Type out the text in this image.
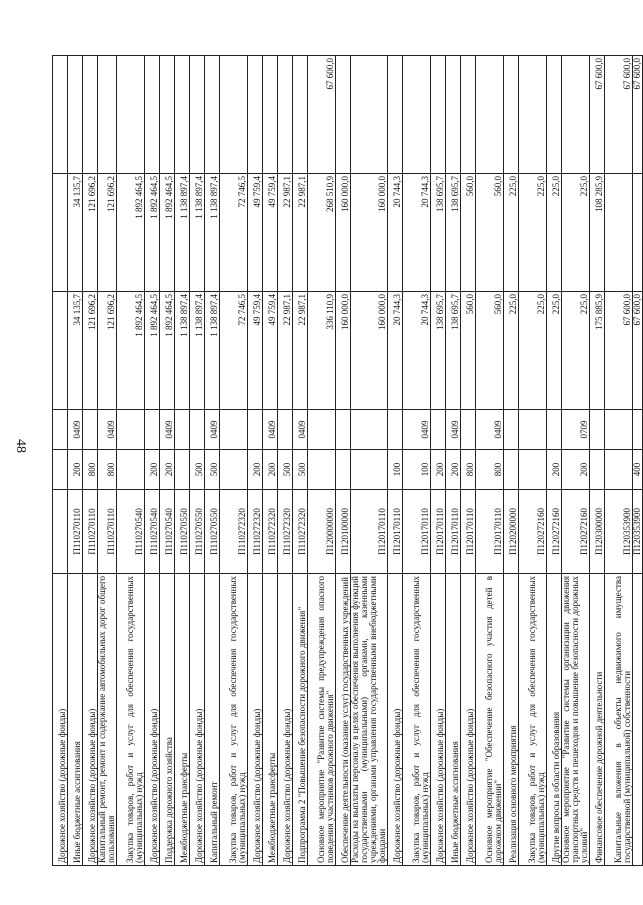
48
Дорожное хозяйство (дорожные фонды)						
Иные бюджетные ассигнования	П110270110	200	0409	34 135,7	34 135,7	
Дорожное хозяйство (дорожные фонды)	П110270110	800		121 696,2	121 696,2	
Капитальный ремонт, ремонт и содержание автомобильных дорог общего пользования	П110270110	800	0409	121 696,2	121 696,2	
Закупка товаров, работ и услуг для обеспечения государственных (муниципальных) нужд	П110270540			1 892 464,5	1 892 464,5	
Дорожное хозяйство (дорожные фонды)	П110270540	200		1 892 464,5	1 892 464,5	
Поддержка дорожного хозяйства	П110270540	200	0409	1 892 464,5	1 892 464,5	
Межбюджетные трансферты	П110270550			1 138 897,4	1 138 897,4	
Дорожное хозяйство (дорожные фонды)	П110270550	500		1 138 897,4	1 138 897,4	
Капитальный ремонт	П110270550	500	0409	1 138 897,4	1 138 897,4	
Закупка товаров, работ и услуг для обеспечения государственных (муниципальных) нужд	П110272320			72 746,5	72 746,5	
Дорожное хозяйство (дорожные фонды)	П110272320	200		49 759,4	49 759,4	
Межбюджетные трансферты	П110272320	200	0409	49 759,4	49 759,4	
Дорожное хозяйство (дорожные фонды)	П110272320	500		22 987,1	22 987,1	
Подпрограмма 2 "Повышение безопасности дорожного движения"	П110272320	500	0409	22 987,1	22 987,1	
Основное мероприятие "Развитие системы предупреждения опасного поведения участников дорожного движения"	П120000000			336 110,9	268 510,9	67 600,0
Обеспечение деятельности (оказание услуг) государственных учреждений	П120100000			160 000,0	160 000,0	
Расходы на выплаты персоналу в целях обеспечения выполнения функций государственными (муниципальными) органами, казенными учреждениями, органами управления государственными внебюджетными фондами	П120170110			160 000,0	160 000,0	
Дорожное хозяйство (дорожные фонды)	П120170110	100		20 744,3	20 744,3	
Закупка товаров, работ и услуг для обеспечения государственных (муниципальных) нужд	П120170110	100	0409	20 744,3	20 744,3	
Дорожное хозяйство (дорожные фонды)	П120170110	200		138 695,7	138 695,7	
Иные бюджетные ассигнования	П120170110	200	0409	138 695,7	138 695,7	
Дорожное хозяйство (дорожные фонды)	П120170110	800		560,0	560,0	
Основное мероприятие "Обеспечение безопасного участия детей в дорожном движении"	П120170110	800	0409	560,0	560,0	
Реализация основного мероприятия	П120200000			225,0	225,0	
Закупка товаров, работ и услуг для обеспечения государственных (муниципальных) нужд	П120272160			225,0	225,0	
Другие вопросы в области образования	П120272160	200		225,0	225,0	
Основное мероприятие "Развитие системы организации движения транспортных средств и пешеходов и повышение безопасности дорожных условий"	П120272160	200	0709	225,0	225,0	
Финансовое обеспечение дорожной деятельности	П120300000			175 885,9	108 285,9	67 600,0
Капитальные вложения в объекты недвижимого имущества государственной (муниципальной) собственности	П120353900			67 600,0		67 600,0
	П120353900	400		67 600,0		67 600,0
